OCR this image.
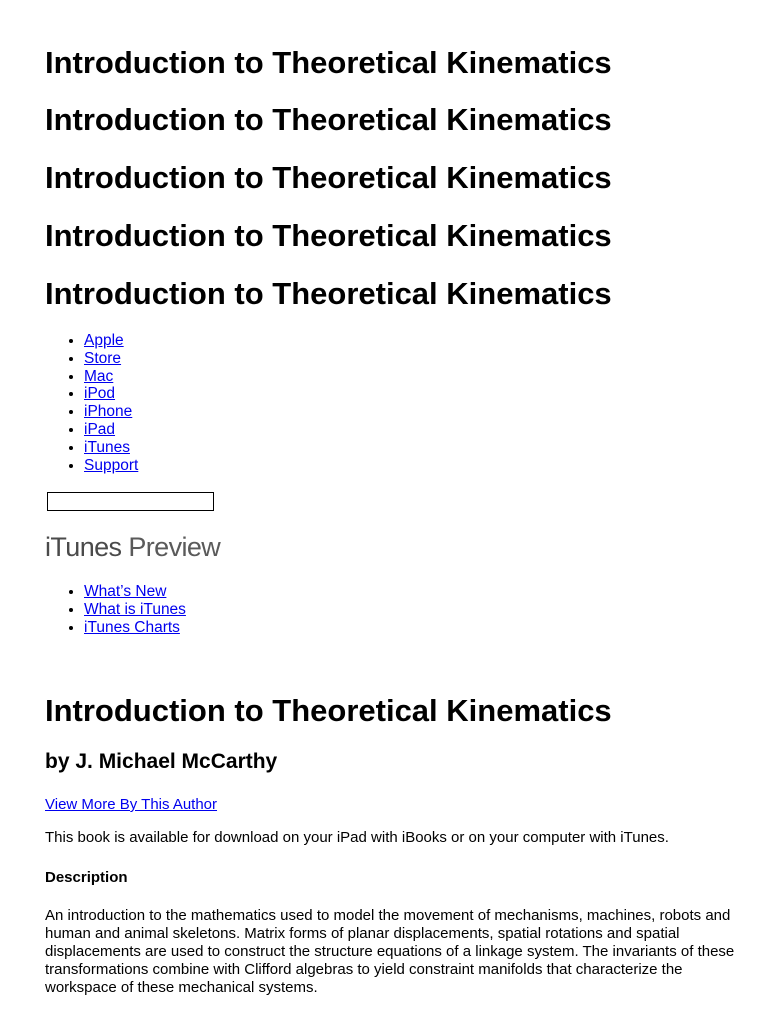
Introduction to Theoretical Kinematics
Introduction to Theoretical Kinematics
Introduction to Theoretical Kinematics
Introduction to Theoretical Kinematics
Introduction to Theoretical Kinematics
• Apple
• Store
• Mac
• iPod
• iPhone
• iPad
• iTunes
• Support
iTunes Preview
• What’s New
• What is iTunes
• iTunes Charts
Introduction to Theoretical Kinematics
by J. Michael McCarthy
View More By This Author

This book is available for download on your iPad with iBooks or on your computer with iTunes.

Description

An introduction to the mathematics used to model the movement of mechanisms, machines, robots and human and animal skeletons. Matrix forms of planar displacements, spatial rotations and spatial displacements are used to construct the structure equations of a linkage system. The invariants of these transformations combine with Clifford algebras to yield constraint manifolds that characterize the workspace of these mechanical systems.
